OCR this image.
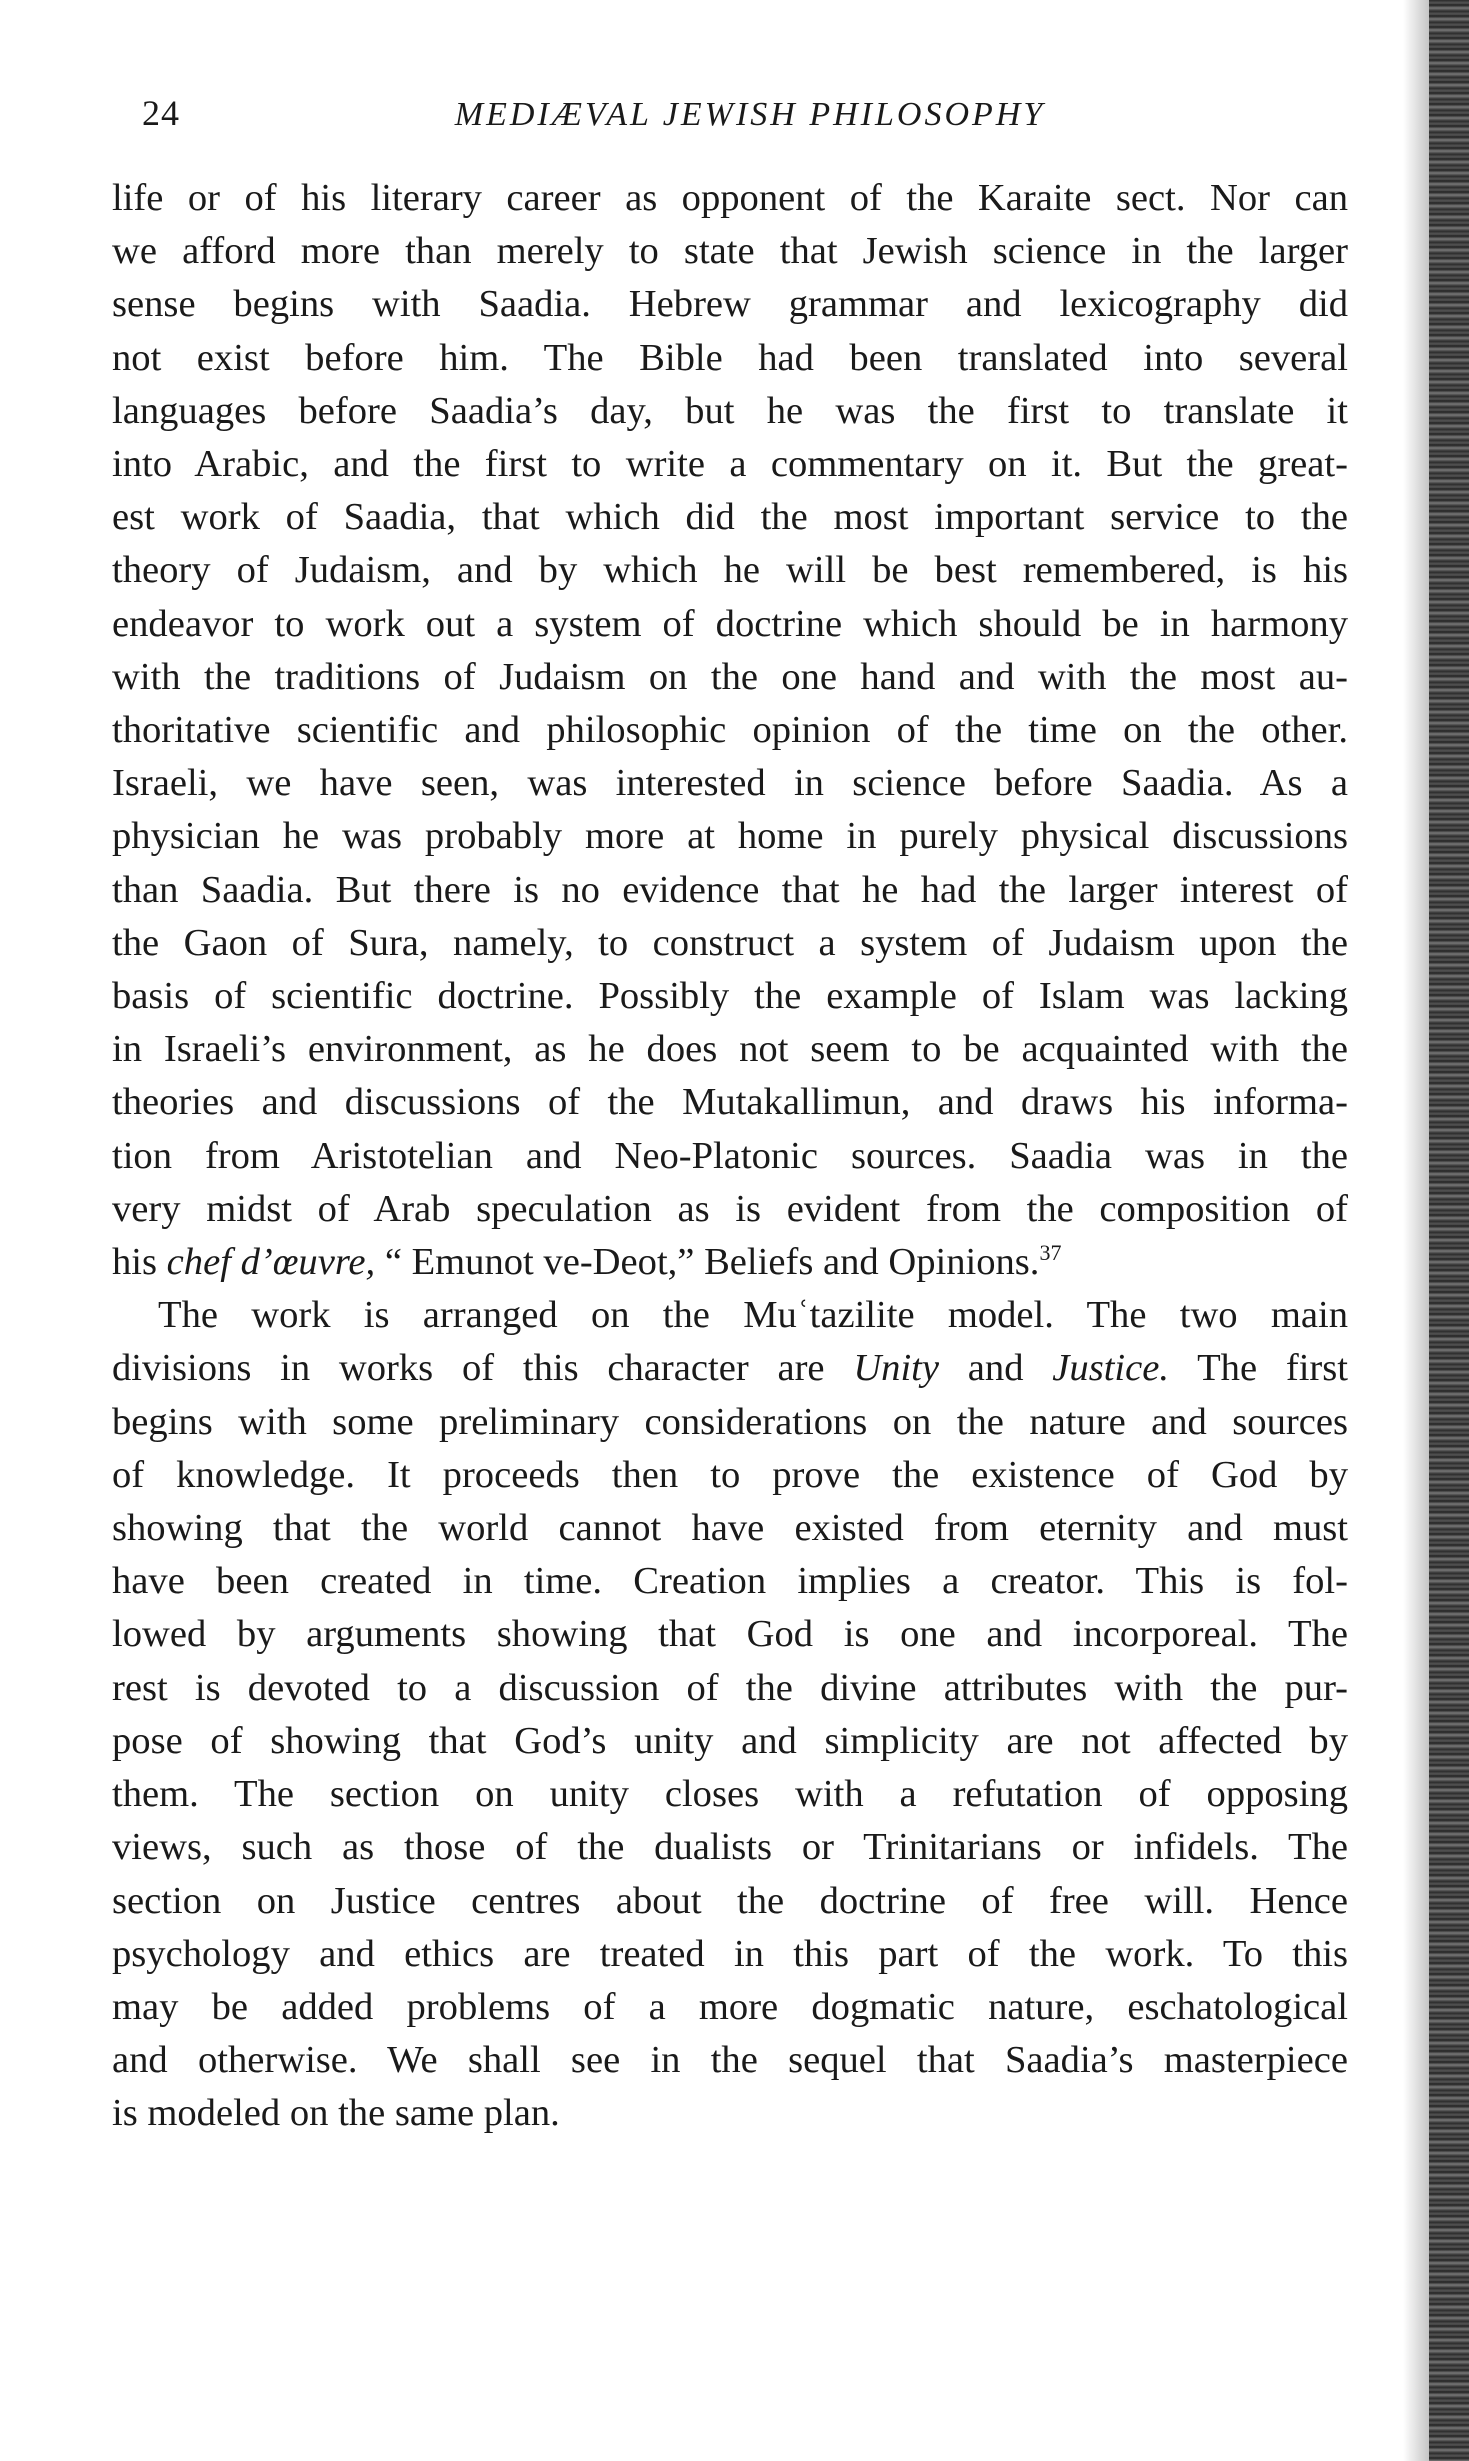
24	MEDIÆVAL JEWISH PHILOSOPHY
life or of his literary career as opponent of the Karaite sect. Nor can
we afford more than merely to state that Jewish science in the larger
sense begins with Saadia. Hebrew grammar and lexicography did
not exist before him. The Bible had been translated into several
languages before Saadia’s day, but he was the first to translate it
into Arabic, and the first to write a commentary on it. But the great-
est work of Saadia, that which did the most important service to the
theory of Judaism, and by which he will be best remembered, is his
endeavor to work out a system of doctrine which should be in harmony
with the traditions of Judaism on the one hand and with the most au-
thoritative scientific and philosophic opinion of the time on the other.
Israeli, we have seen, was interested in science before Saadia. As a
physician he was probably more at home in purely physical discussions
than Saadia. But there is no evidence that he had the larger interest of
the Gaon of Sura, namely, to construct a system of Judaism upon the
basis of scientific doctrine. Possibly the example of Islam was lacking
in Israeli’s environment, as he does not seem to be acquainted with the
theories and discussions of the Mutakallimun, and draws his informa-
tion from Aristotelian and Neo-Platonic sources. Saadia was in the
very midst of Arab speculation as is evident from the composition of
his chef d’œuvre, “ Emunot ve-Deot,” Beliefs and Opinions.$^{37}$
The work is arranged on the Muʿtazilite model. The two main
divisions in works of this character are Unity and Justice. The first
begins with some preliminary considerations on the nature and sources
of knowledge. It proceeds then to prove the existence of God by
showing that the world cannot have existed from eternity and must
have been created in time. Creation implies a creator. This is fol-
lowed by arguments showing that God is one and incorporeal. The
rest is devoted to a discussion of the divine attributes with the pur-
pose of showing that God’s unity and simplicity are not affected by
them. The section on unity closes with a refutation of opposing
views, such as those of the dualists or Trinitarians or infidels. The
section on Justice centres about the doctrine of free will. Hence
psychology and ethics are treated in this part of the work. To this
may be added problems of a more dogmatic nature, eschatological
and otherwise. We shall see in the sequel that Saadia’s masterpiece
is modeled on the same plan.
